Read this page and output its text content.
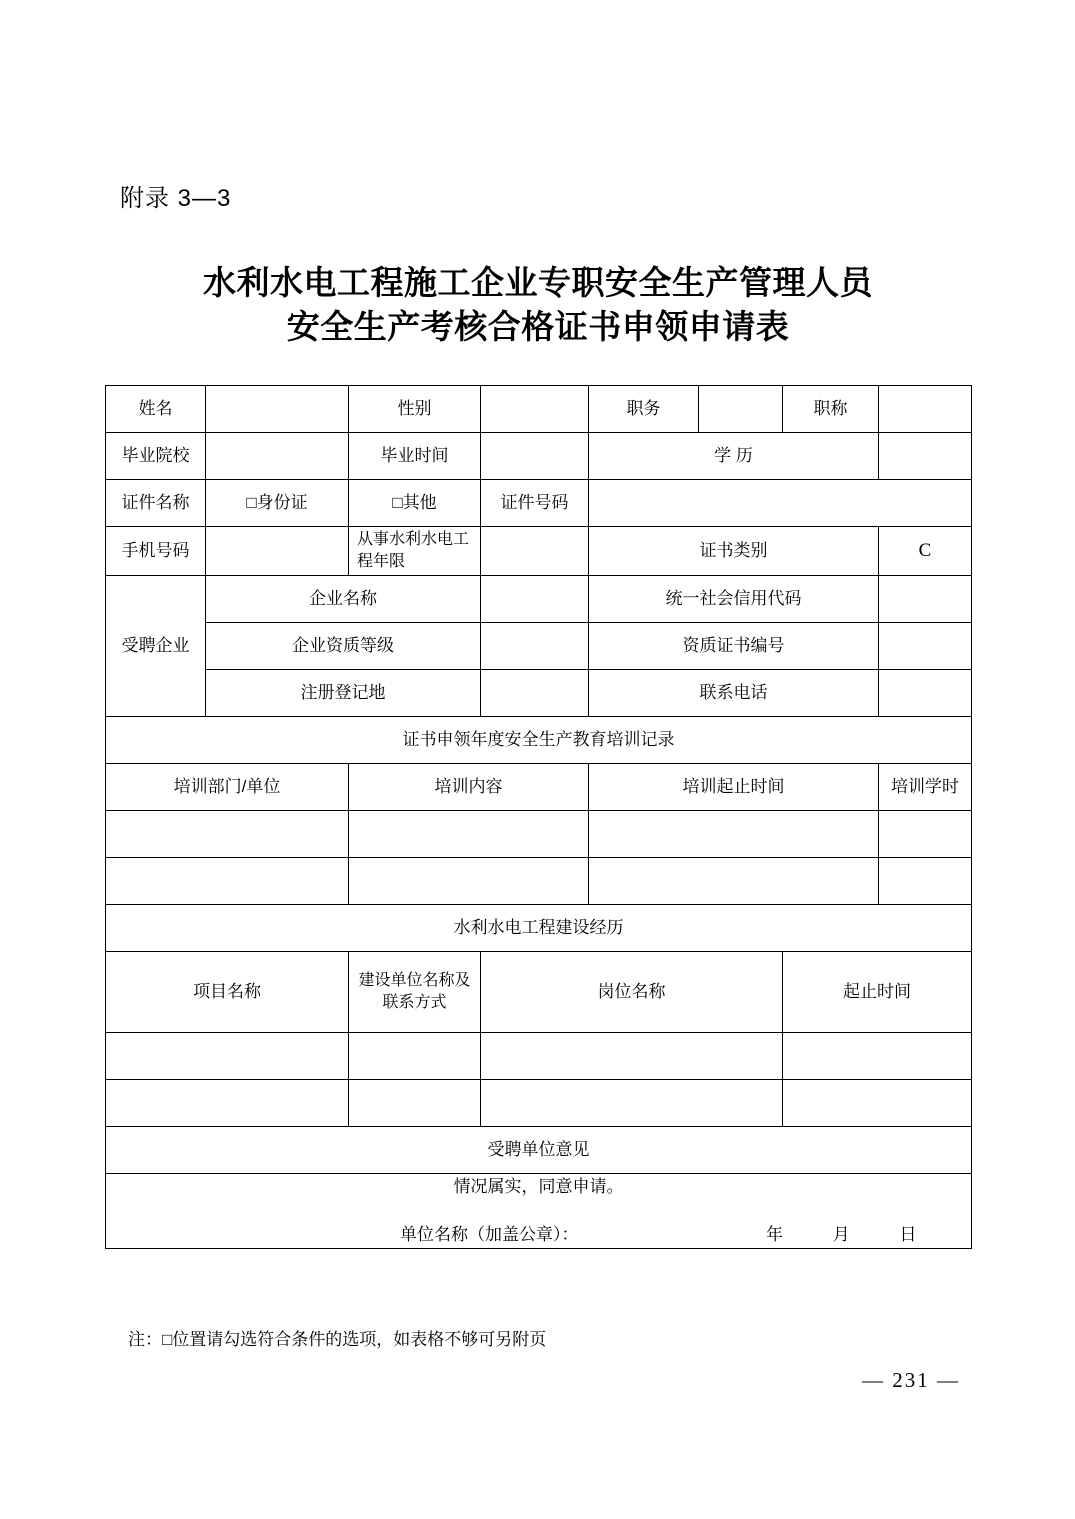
附录 3—3
水利水电工程施工企业专职安全生产管理人员
安全生产考核合格证书申领申请表
姓名		性别		职务		职称	
毕业院校		毕业时间		学 历			
证件名称	□身份证	□其他	证件号码				
手机号码		从事水利水电工程年限		证书类别			C
受聘企业	企业名称			统一社会信用代码			
	企业资质等级			资质证书编号			
	注册登记地			联系电话			
证书申领年度安全生产教育培训记录							
培训部门/单位		培训内容		培训起止时间			培训学时

水利水电工程建设经历							
项目名称		建设单位名称及联系方式	岗位名称			起止时间	

受聘单位意见							

情况属实，同意申请。
单位名称（加盖公章）： 年 月 日							
注：□位置请勾选符合条件的选项，如表格不够可另附页
— 231 —
